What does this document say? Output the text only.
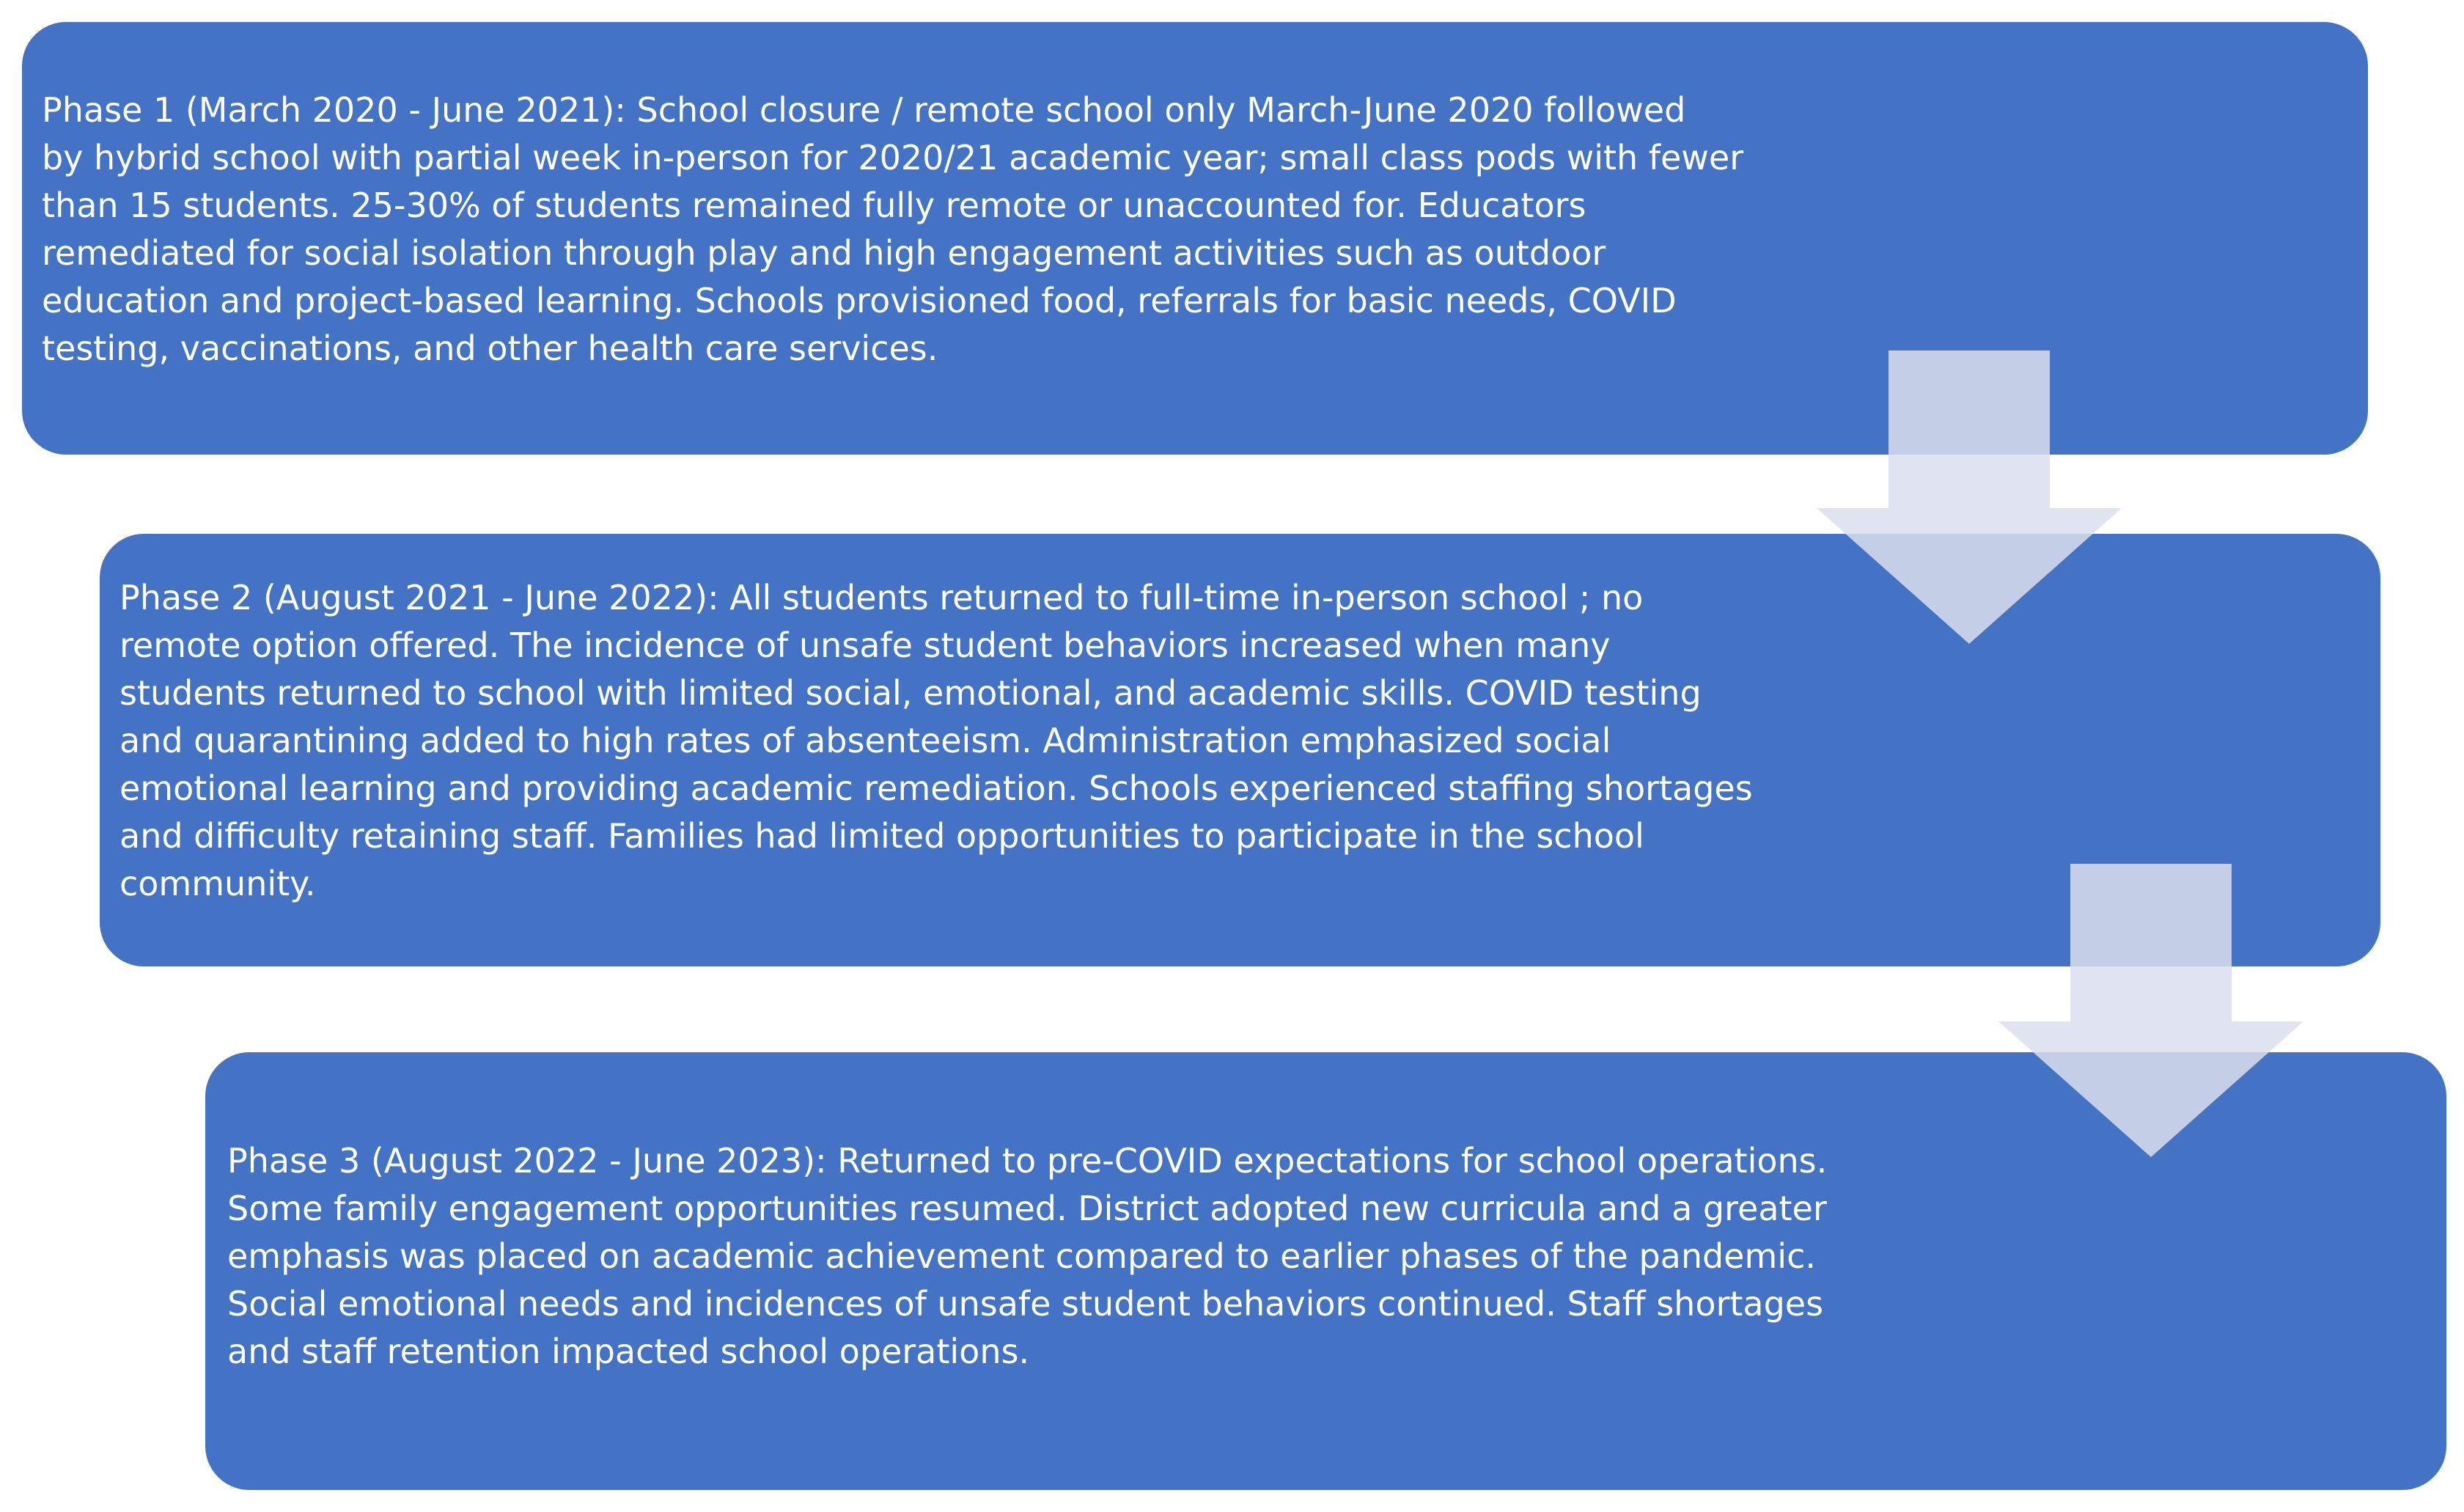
Phase 1 (March 2020 - June 2021): School closure / remote school only March-June 2020 followed
by hybrid school with partial week in-person for 2020/21 academic year; small class pods with fewer
than 15 students. 25-30% of students remained fully remote or unaccounted for. Educators
remediated for social isolation through play and high engagement activities such as outdoor
education and project-based learning. Schools provisioned food, referrals for basic needs, COVID
testing, vaccinations, and other health care services.

Phase 2 (August 2021 - June 2022): All students returned to full-time in-person school ; no
remote option offered. The incidence of unsafe student behaviors increased when many
students returned to school with limited social, emotional, and academic skills. COVID testing
and quarantining added to high rates of absenteeism. Administration emphasized social
emotional learning and providing academic remediation. Schools experienced staffing shortages
and difficulty retaining staff. Families had limited opportunities to participate in the school
community.

Phase 3 (August 2022 - June 2023): Returned to pre-COVID expectations for school operations.
Some family engagement opportunities resumed. District adopted new curricula and a greater
emphasis was placed on academic achievement compared to earlier phases of the pandemic.
Social emotional needs and incidences of unsafe student behaviors continued. Staff shortages
and staff retention impacted school operations.
